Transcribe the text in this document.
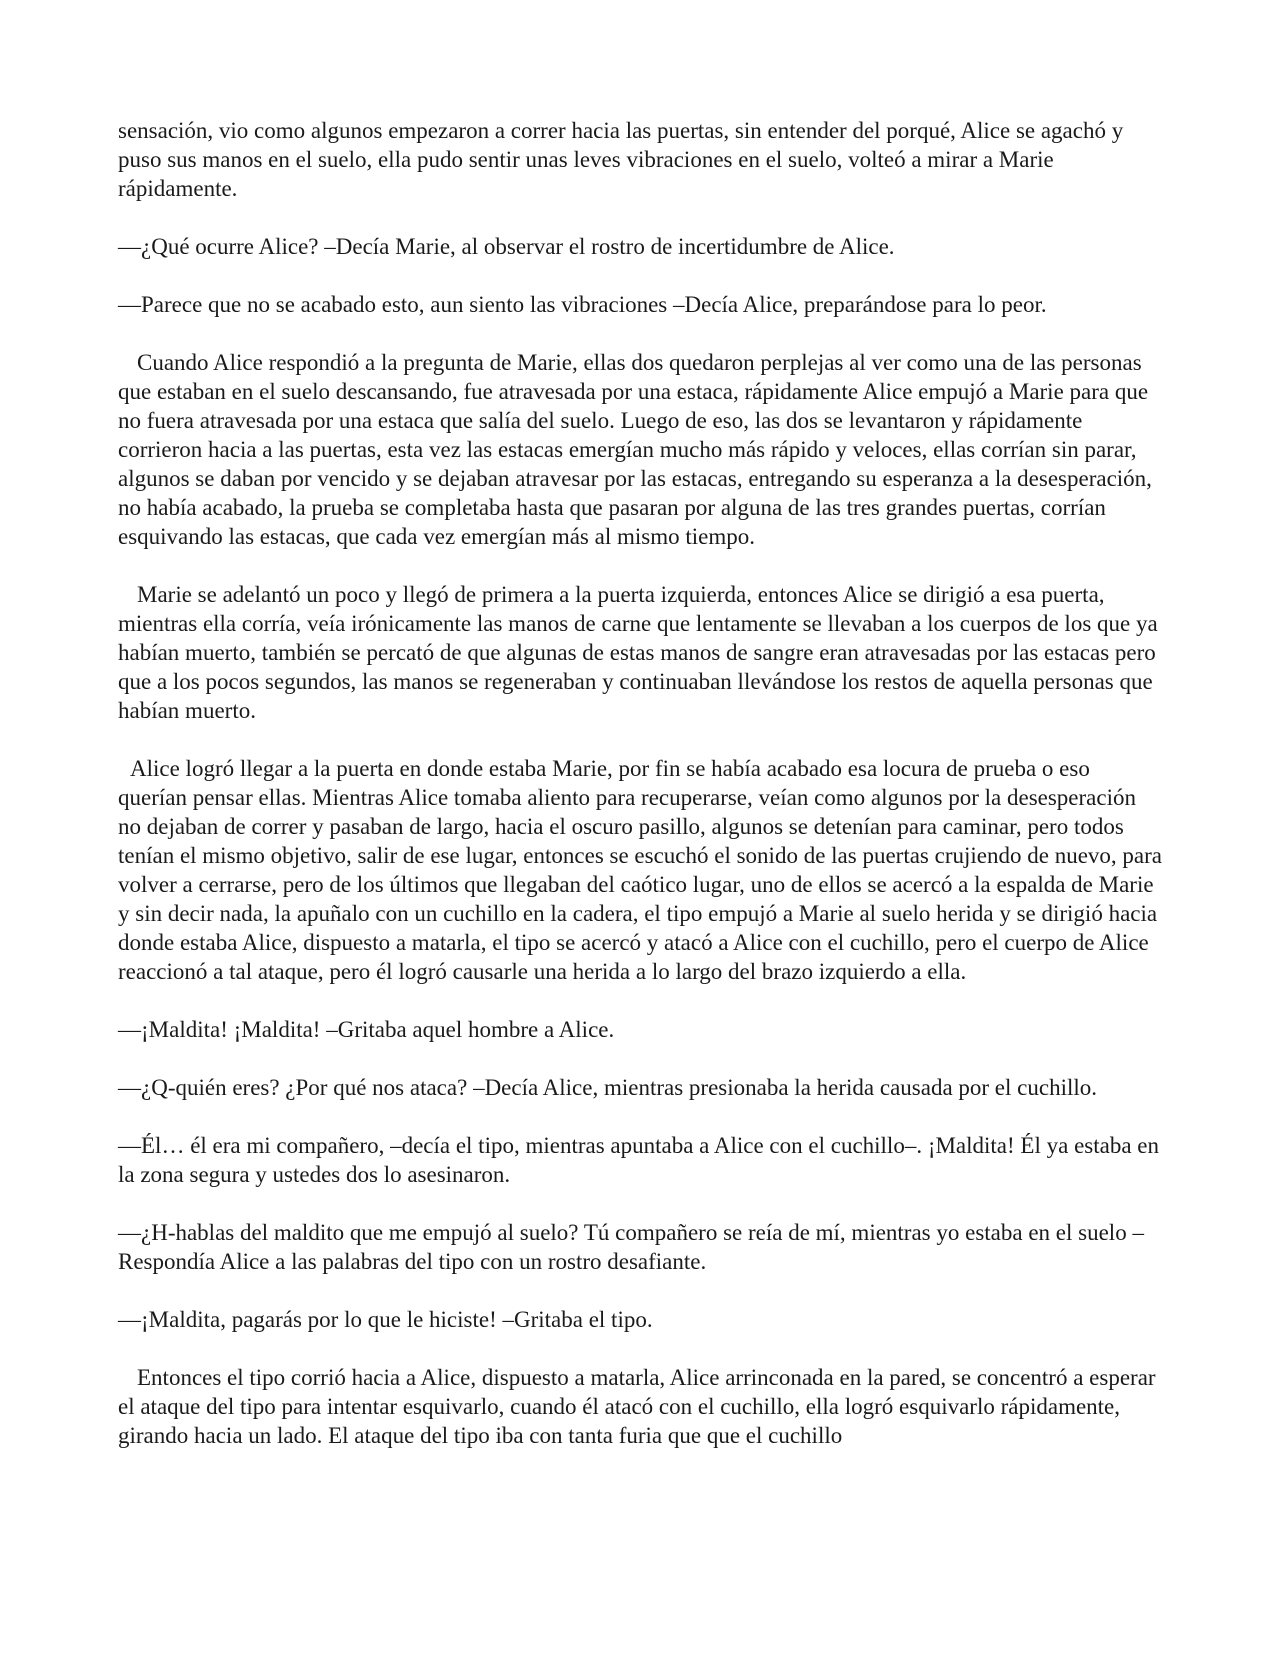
sensación, vio como algunos empezaron a correr hacia las puertas, sin entender del porqué, Alice se agachó y puso sus manos en el suelo, ella pudo sentir unas leves vibraciones en el suelo, volteó a mirar a Marie rápidamente.

—¿Qué ocurre Alice? –Decía Marie, al observar el rostro de incertidumbre de Alice.

—Parece que no se acabado esto, aun siento las vibraciones –Decía Alice, preparándose para lo peor.

Cuando Alice respondió a la pregunta de Marie, ellas dos quedaron perplejas al ver como una de las personas que estaban en el suelo descansando, fue atravesada por una estaca, rápidamente Alice empujó a Marie para que no fuera atravesada por una estaca que salía del suelo. Luego de eso, las dos se levantaron y rápidamente corrieron hacia a las puertas, esta vez las estacas emergían mucho más rápido y veloces, ellas corrían sin parar, algunos se daban por vencido y se dejaban atravesar por las estacas, entregando su esperanza a la desesperación, no había acabado, la prueba se completaba hasta que pasaran por alguna de las tres grandes puertas, corrían esquivando las estacas, que cada vez emergían más al mismo tiempo.

Marie se adelantó un poco y llegó de primera a la puerta izquierda, entonces Alice se dirigió a esa puerta, mientras ella corría, veía irónicamente las manos de carne que lentamente se llevaban a los cuerpos de los que ya habían muerto, también se percató de que algunas de estas manos de sangre eran atravesadas por las estacas pero que a los pocos segundos, las manos se regeneraban y continuaban llevándose los restos de aquella personas que habían muerto.

Alice logró llegar a la puerta en donde estaba Marie, por fin se había acabado esa locura de prueba o eso querían pensar ellas. Mientras Alice tomaba aliento para recuperarse, veían como algunos por la desesperación no dejaban de correr y pasaban de largo, hacia el oscuro pasillo, algunos se detenían para caminar, pero todos tenían el mismo objetivo, salir de ese lugar, entonces se escuchó el sonido de las puertas crujiendo de nuevo, para volver a cerrarse, pero de los últimos que llegaban del caótico lugar, uno de ellos se acercó a la espalda de Marie y sin decir nada, la apuñalo con un cuchillo en la cadera, el tipo empujó a Marie al suelo herida y se dirigió hacia donde estaba Alice, dispuesto a matarla, el tipo se acercó y atacó a Alice con el cuchillo, pero el cuerpo de Alice reaccionó a tal ataque, pero él logró causarle una herida a lo largo del brazo izquierdo a ella.

—¡Maldita! ¡Maldita! –Gritaba aquel hombre a Alice.

—¿Q-quién eres? ¿Por qué nos ataca? –Decía Alice, mientras presionaba la herida causada por el cuchillo.

—Él… él era mi compañero, –decía el tipo, mientras apuntaba a Alice con el cuchillo–. ¡Maldita! Él ya estaba en la zona segura y ustedes dos lo asesinaron.

—¿H-hablas del maldito que me empujó al suelo? Tú compañero se reía de mí, mientras yo estaba en el suelo –Respondía Alice a las palabras del tipo con un rostro desafiante.

—¡Maldita, pagarás por lo que le hiciste! –Gritaba el tipo.

Entonces el tipo corrió hacia a Alice, dispuesto a matarla, Alice arrinconada en la pared, se concentró a esperar el ataque del tipo para intentar esquivarlo, cuando él atacó con el cuchillo, ella logró esquivarlo rápidamente, girando hacia un lado. El ataque del tipo iba con tanta furia que que el cuchillo
